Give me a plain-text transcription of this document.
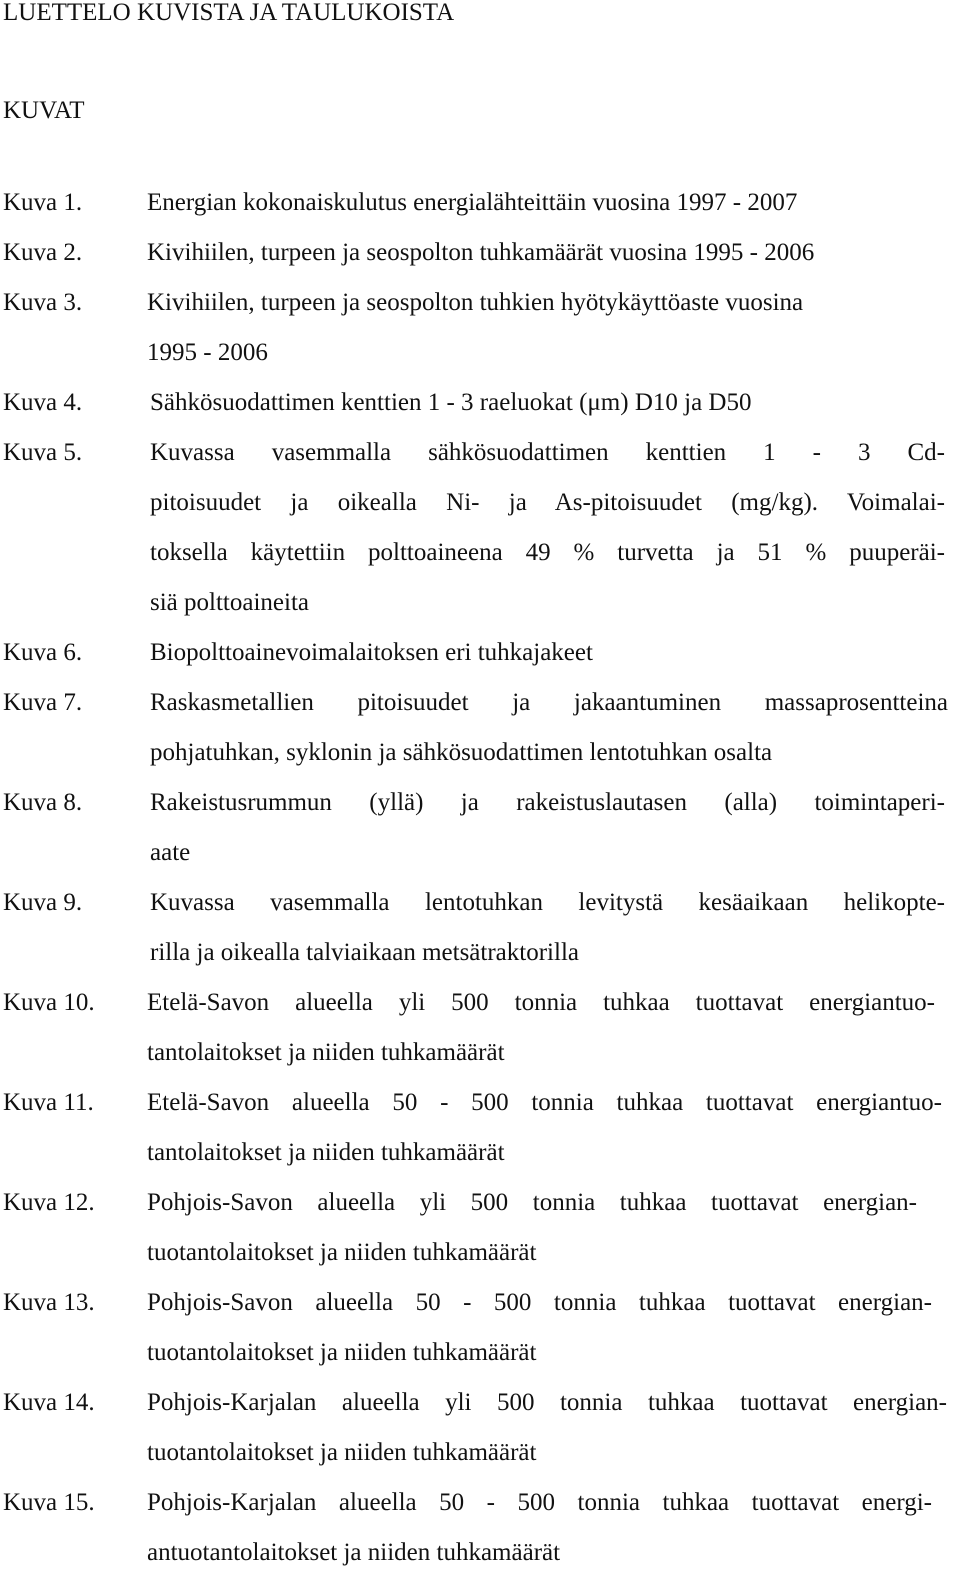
LUETTELO KUVISTA JA TAULUKOISTA
KUVAT
Kuva 1.	Energian kokonaiskulutus energialähteittäin vuosina 1997 - 2007
Kuva 2.	Kivihiilen, turpeen ja seospolton tuhkamäärät vuosina 1995 - 2006
Kuva 3.	Kivihiilen, turpeen ja seospolton tuhkien hyötykäyttöaste vuosina
1995 - 2006
Kuva 4.	Sähkösuodattimen kenttien 1 - 3 raeluokat (μm) D10 ja D50
Kuva 5.	Kuvassa vasemmalla sähkösuodattimen kenttien 1 - 3 Cd-
pitoisuudet ja oikealla Ni- ja As-pitoisuudet (mg/kg). Voimalai-
toksella käytettiin polttoaineena 49 % turvetta ja 51 % puuperäi-
siä polttoaineita
Kuva 6.	Biopolttoainevoimalaitoksen eri tuhkajakeet
Kuva 7.	Raskasmetallien pitoisuudet ja jakaantuminen massaprosentteina
pohjatuhkan, syklonin ja sähkösuodattimen lentotuhkan osalta
Kuva 8.	Rakeistusrummun (yllä) ja rakeistuslautasen (alla) toimintaperi-
aate
Kuva 9.	Kuvassa vasemmalla lentotuhkan levitystä kesäaikaan helikopte-
rilla ja oikealla talviaikaan metsätraktorilla
Kuva 10. Etelä-Savon alueella yli 500 tonnia tuhkaa tuottavat energiantuo-
tantolaitokset ja niiden tuhkamäärät
Kuva 11. Etelä-Savon alueella 50 - 500 tonnia tuhkaa tuottavat energiantuo-
tantolaitokset ja niiden tuhkamäärät
Kuva 12. Pohjois-Savon alueella yli 500 tonnia tuhkaa tuottavat energian-
tuotantolaitokset ja niiden tuhkamäärät
Kuva 13. Pohjois-Savon alueella 50 - 500 tonnia tuhkaa tuottavat energian-
tuotantolaitokset ja niiden tuhkamäärät
Kuva 14. Pohjois-Karjalan alueella yli 500 tonnia tuhkaa tuottavat energian-
tuotantolaitokset ja niiden tuhkamäärät
Kuva 15. Pohjois-Karjalan alueella 50 - 500 tonnia tuhkaa tuottavat energi-
antuotantolaitokset ja niiden tuhkamäärät
